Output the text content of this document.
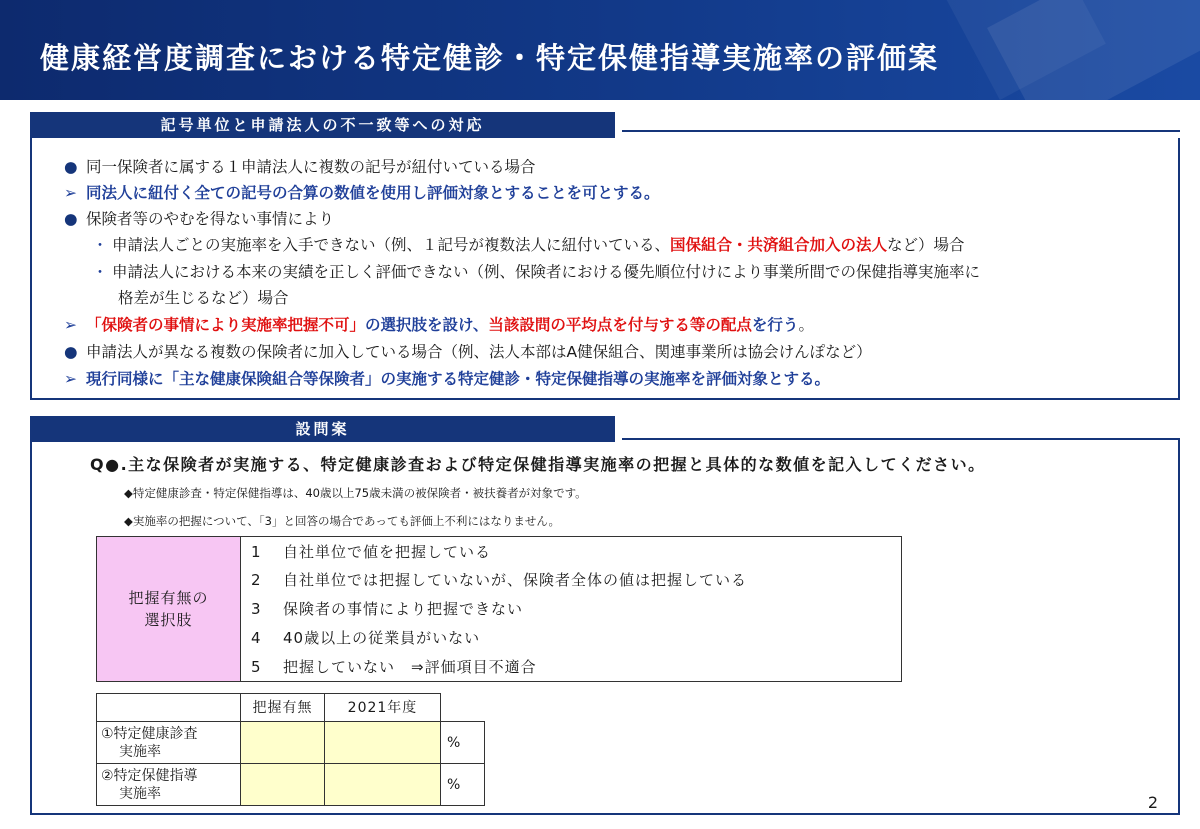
健康経営度調査における特定健診・特定保健指導実施率の評価案
記号単位と申請法人の不一致等への対応
● 同一保険者に属する１申請法人に複数の記号が紐付いている場合
➢ 同法人に紐付く全ての記号の合算の数値を使用し評価対象とすることを可とする。
● 保険者等のやむを得ない事情により
・ 申請法人ごとの実施率を入手できない（例、１記号が複数法人に紐付いている、国保組合・共済組合加入の法人など）場合
・ 申請法人における本来の実績を正しく評価できない（例、保険者における優先順位付けにより事業所間での保健指導実施率に
格差が生じるなど）場合
➢ 「保険者の事情により実施率把握不可」の選択肢を設け、当該設問の平均点を付与する等の配点を行う。
● 申請法人が異なる複数の保険者に加入している場合（例、法人本部はA健保組合、関連事業所は協会けんぽなど）
➢ 現行同様に「主な健康保険組合等保険者」の実施する特定健診・特定保健指導の実施率を評価対象とする。
設問案
Q●.主な保険者が実施する、特定健康診査および特定保健指導実施率の把握と具体的な数値を記入してください。
◆特定健康診査・特定保健指導は、40歳以上75歳未満の被保険者・被扶養者が対象です。
◆実施率の把握について、「3」と回答の場合であっても評価上不利にはなりません。
把握有無の
選択肢
1 自社単位で値を把握している
2 自社単位では把握していないが、保険者全体の値は把握している
3 保険者の事情により把握できない
4 40歳以上の従業員がいない
5 把握していない　⇒評価項目不適合
	把握有無	2021年度	

①特定健康診査
実施率			%

②特定保健指導
実施率			%
2
